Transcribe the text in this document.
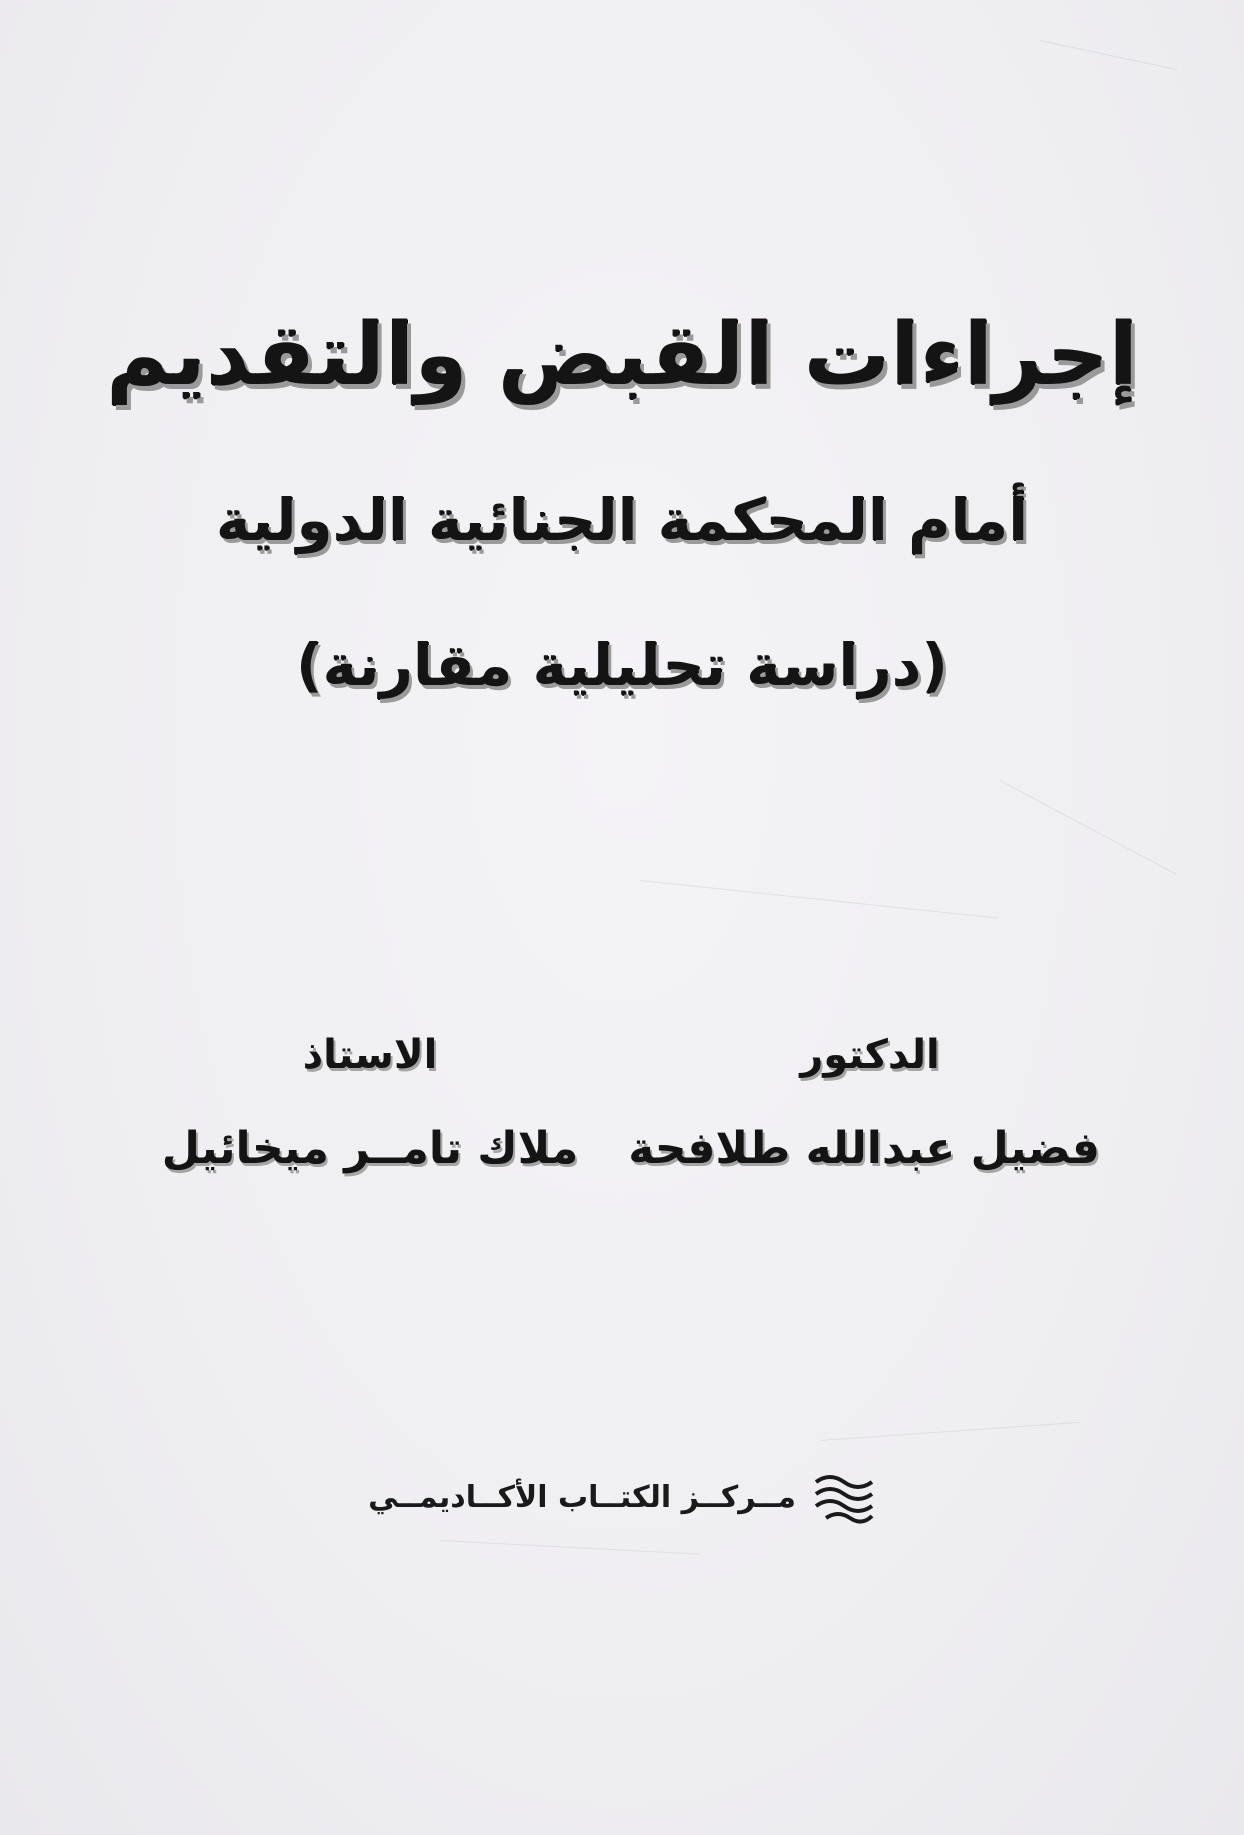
إجراءات القبض والتقديم
أمام المحكمة الجنائية الدولية
(دراسة تحليلية مقارنة)
الدكتور
فضيل عبدالله طلافحة
الاستاذ
ملاك تامــر ميخائيل
مــركــز الكتــاب الأكــاديمــي
